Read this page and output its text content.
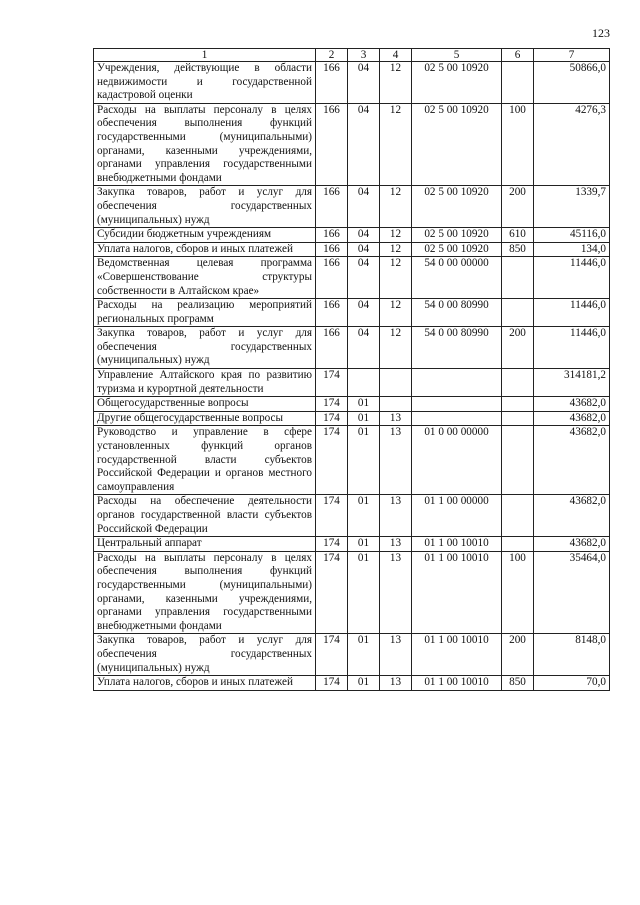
123
1	2	3	4	5	6	7
Учреждения, действующие в области недвижимости и государственной кадастровой оценки	166	04	12	02 5 00 10920		50866,0
Расходы на выплаты персоналу в целях обеспечения выполнения функций государственными (муниципальными) органами, казенными учреждениями, органами управления государственными внебюджетными фондами	166	04	12	02 5 00 10920	100	4276,3
Закупка товаров, работ и услуг для обеспечения государственных (муниципальных) нужд	166	04	12	02 5 00 10920	200	1339,7
Субсидии бюджетным учреждениям	166	04	12	02 5 00 10920	610	45116,0
Уплата налогов, сборов и иных платежей	166	04	12	02 5 00 10920	850	134,0
Ведомственная целевая программа «Совершенствование структуры собственности в Алтайском крае»	166	04	12	54 0 00 00000		11446,0
Расходы на реализацию мероприятий региональных программ	166	04	12	54 0 00 80990		11446,0
Закупка товаров, работ и услуг для обеспечения государственных (муниципальных) нужд	166	04	12	54 0 00 80990	200	11446,0
Управление Алтайского края по развитию туризма и курортной деятельности	174					314181,2
Общегосударственные вопросы	174	01				43682,0
Другие общегосударственные вопросы	174	01	13			43682,0
Руководство и управление в сфере установленных функций органов государственной власти субъектов Российской Федерации и органов местного самоуправления	174	01	13	01 0 00 00000		43682,0
Расходы на обеспечение деятельности органов государственной власти субъектов Российской Федерации	174	01	13	01 1 00 00000		43682,0
Центральный аппарат	174	01	13	01 1 00 10010		43682,0
Расходы на выплаты персоналу в целях обеспечения выполнения функций государственными (муниципальными) органами, казенными учреждениями, органами управления государственными внебюджетными фондами	174	01	13	01 1 00 10010	100	35464,0
Закупка товаров, работ и услуг для обеспечения государственных (муниципальных) нужд	174	01	13	01 1 00 10010	200	8148,0
Уплата налогов, сборов и иных платежей	174	01	13	01 1 00 10010	850	70,0
